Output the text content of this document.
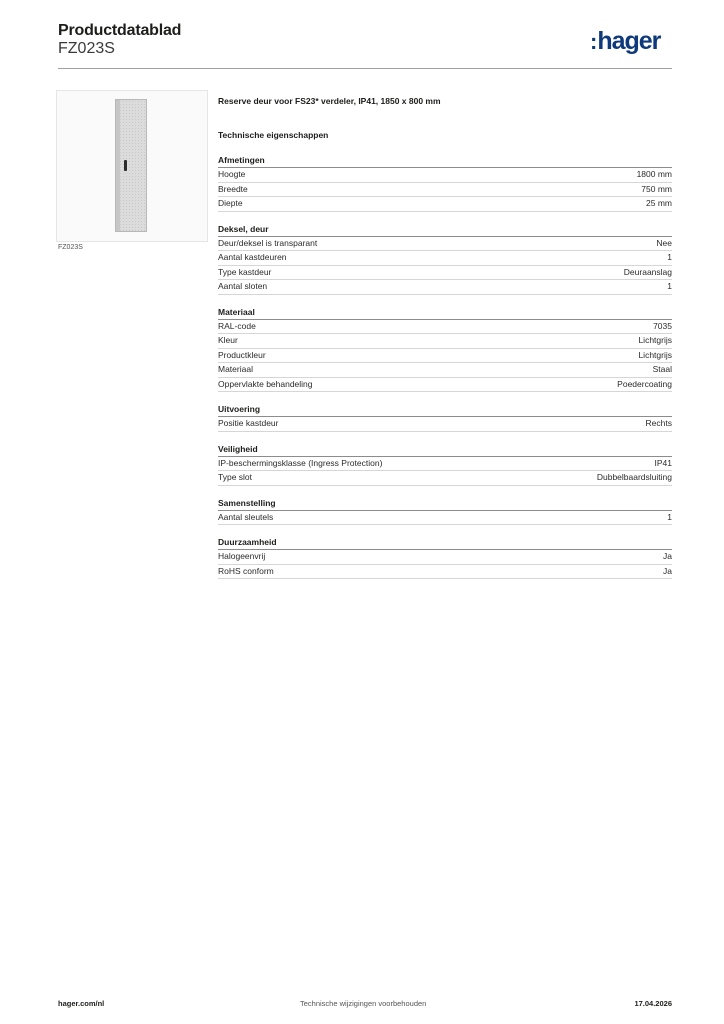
Productdatablad
FZ023S	:hager
FZ023S
Reserve deur voor FS23* verdeler, IP41, 1850 x 800 mm
Technische eigenschappen
Afmetingen
Hoogte	1800 mm
Breedte	750 mm
Diepte	25 mm
Deksel, deur
Deur/deksel is transparant	Nee
Aantal kastdeuren	1
Type kastdeur	Deuraanslag
Aantal sloten	1
Materiaal
RAL-code	7035
Kleur	Lichtgrijs
Productkleur	Lichtgrijs
Materiaal	Staal
Oppervlakte behandeling	Poedercoating
Uitvoering
Positie kastdeur	Rechts
Veiligheid
IP-beschermingsklasse (Ingress Protection)	IP41
Type slot	Dubbelbaardsluiting
Samenstelling
Aantal sleutels	1
Duurzaamheid
Halogeenvrij	Ja
RoHS conform	Ja
hager.com/nl	Technische wijzigingen voorbehouden	17.04.2026
